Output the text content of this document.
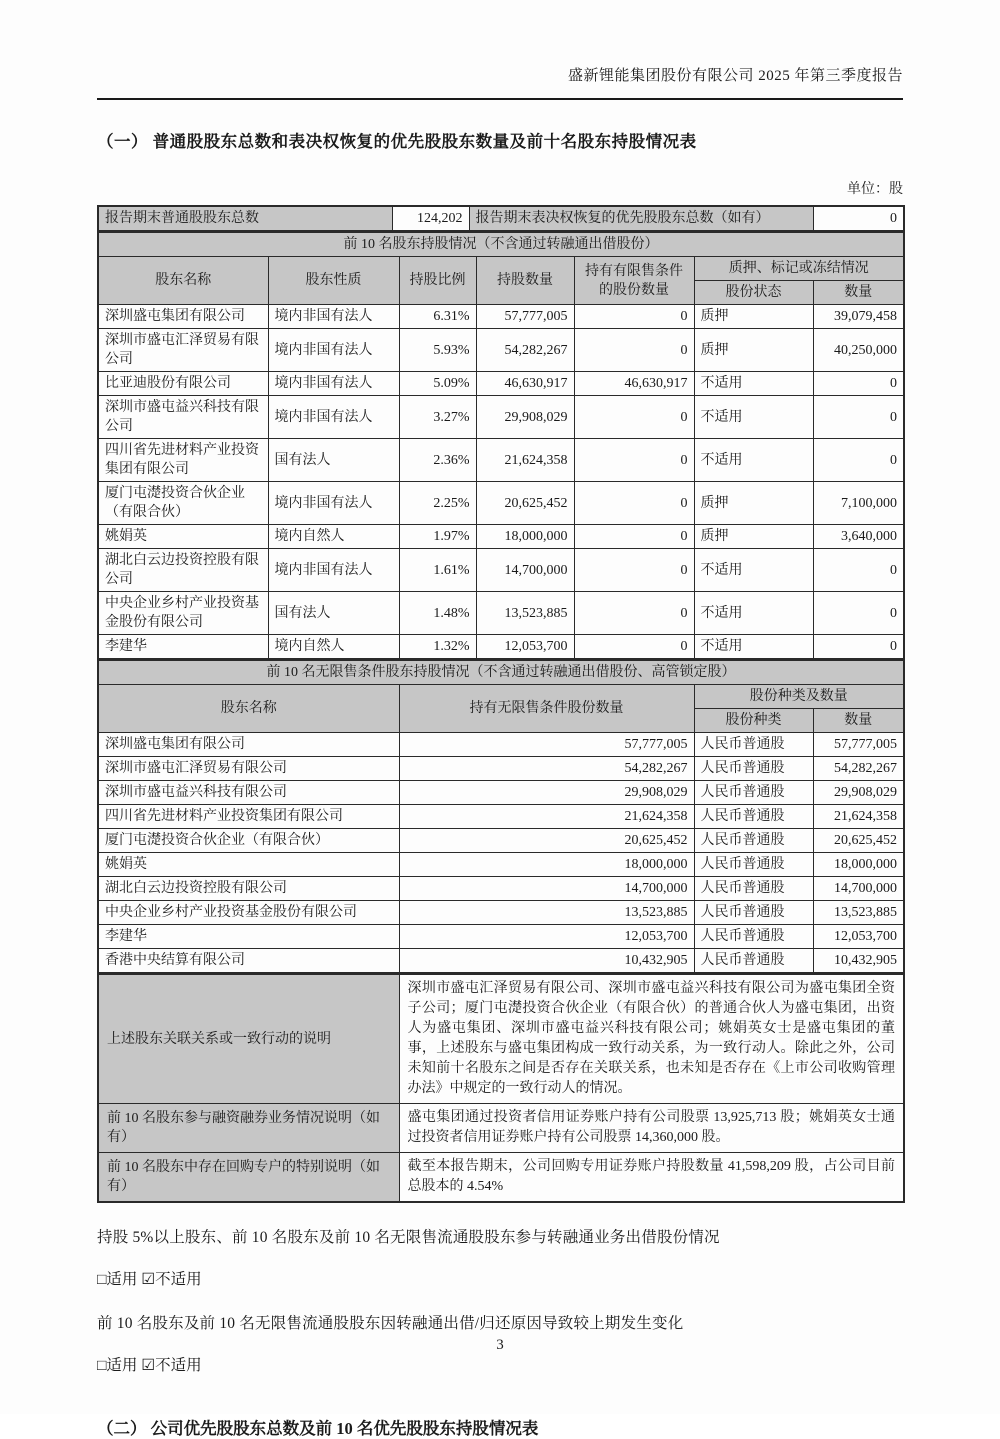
盛新锂能集团股份有限公司 2025 年第三季度报告
（一） 普通股股东总数和表决权恢复的优先股股东数量及前十名股东持股情况表
单位：股
报告期末普通股股东总数	124,202	报告期末表决权恢复的优先股股东总数（如有）	0
前 10 名股东持股情况（不含通过转融通出借股份）						
股东名称	股东性质	持股比例	持股数量	持有有限售条件的股份数量	质押、标记或冻结情况	
					股份状态	数量
深圳盛屯集团有限公司	境内非国有法人	6.31%	57,777,005	0	质押	39,079,458
深圳市盛屯汇泽贸易有限公司	境内非国有法人	5.93%	54,282,267	0	质押	40,250,000
比亚迪股份有限公司	境内非国有法人	5.09%	46,630,917	46,630,917	不适用	0
深圳市盛屯益兴科技有限公司	境内非国有法人	3.27%	29,908,029	0	不适用	0
四川省先进材料产业投资集团有限公司	国有法人	2.36%	21,624,358	0	不适用	0
厦门屯濋投资合伙企业（有限合伙）	境内非国有法人	2.25%	20,625,452	0	质押	7,100,000
姚娟英	境内自然人	1.97%	18,000,000	0	质押	3,640,000
湖北白云边投资控股有限公司	境内非国有法人	1.61%	14,700,000	0	不适用	0
中央企业乡村产业投资基金股份有限公司	国有法人	1.48%	13,523,885	0	不适用	0
李建华	境内自然人	1.32%	12,053,700	0	不适用	0
前 10 名无限售条件股东持股情况（不含通过转融通出借股份、高管锁定股）			
股东名称	持有无限售条件股份数量	股份种类及数量	
		股份种类	数量
深圳盛屯集团有限公司	57,777,005	人民币普通股	57,777,005
深圳市盛屯汇泽贸易有限公司	54,282,267	人民币普通股	54,282,267
深圳市盛屯益兴科技有限公司	29,908,029	人民币普通股	29,908,029
四川省先进材料产业投资集团有限公司	21,624,358	人民币普通股	21,624,358
厦门屯濋投资合伙企业（有限合伙）	20,625,452	人民币普通股	20,625,452
姚娟英	18,000,000	人民币普通股	18,000,000
湖北白云边投资控股有限公司	14,700,000	人民币普通股	14,700,000
中央企业乡村产业投资基金股份有限公司	13,523,885	人民币普通股	13,523,885
李建华	12,053,700	人民币普通股	12,053,700
香港中央结算有限公司	10,432,905	人民币普通股	10,432,905
上述股东关联关系或一致行动的说明	深圳市盛屯汇泽贸易有限公司、深圳市盛屯益兴科技有限公司为盛屯集团全资子公司；厦门屯濋投资合伙企业（有限合伙）的普通合伙人为盛屯集团，出资人为盛屯集团、深圳市盛屯益兴科技有限公司；姚娟英女士是盛屯集团的董事，上述股东与盛屯集团构成一致行动关系，为一致行动人。除此之外，公司未知前十名股东之间是否存在关联关系，也未知是否存在《上市公司收购管理办法》中规定的一致行动人的情况。
前 10 名股东参与融资融券业务情况说明（如有）	盛屯集团通过投资者信用证券账户持有公司股票 13,925,713 股；姚娟英女士通过投资者信用证券账户持有公司股票 14,360,000 股。
前 10 名股东中存在回购专户的特别说明（如有）	截至本报告期末，公司回购专用证券账户持股数量 41,598,209 股，占公司目前总股本的 4.54%

持股 5%以上股东、前 10 名股东及前 10 名无限售流通股股东参与转融通业务出借股份情况

□适用 ☑不适用

前 10 名股东及前 10 名无限售流通股股东因转融通出借/归还原因导致较上期发生变化

□适用 ☑不适用

（二） 公司优先股股东总数及前 10 名优先股股东持股情况表
3
